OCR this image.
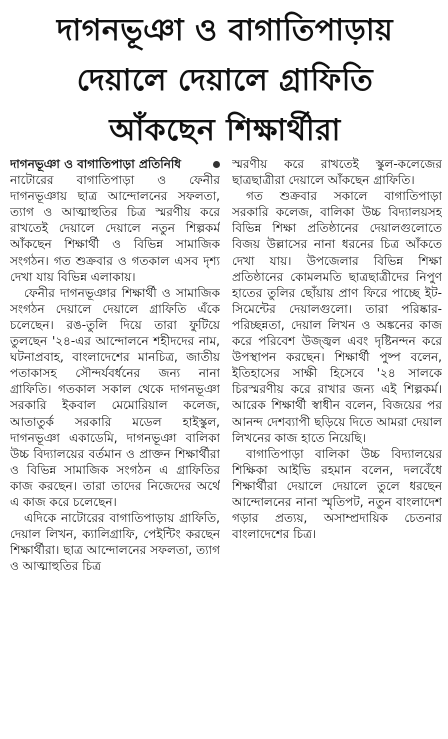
দাগনভূঞা ও বাগাতিপাড়ায়
দেয়ালে দেয়ালে গ্রাফিতি
আঁকছেন শিক্ষার্থীরা
দাগনভূঞা ও বাগাতিপাড়া প্রতিনিধি

নাটোরের বাগাতিপাড়া ও ফেনীর দাগনভূঞায় ছাত্র আন্দোলনের সফলতা, ত্যাগ ও আত্মাহুতির চিত্র স্মরণীয় করে রাখতেই দেয়ালে দেয়ালে নতুন শিল্পকর্ম আঁকছেন শিক্ষার্থী ও বিভিন্ন সামাজিক সংগঠন। গত শুক্রবার ও গতকাল এসব দৃশ্য দেখা যায় বিভিন্ন এলাকায়।

ফেনীর দাগনভূঞার শিক্ষার্থী ও সামাজিক সংগঠন দেয়ালে দেয়ালে গ্রাফিতি এঁকে চলেছেন। রঙ-তুলি দিয়ে তারা ফুটিয়ে তুলছেন '২৪-এর আন্দোলনে শহীদদের নাম, ঘটনাপ্রবাহ, বাংলাদেশের মানচিত্র, জাতীয় পতাকাসহ সৌন্দর্যবর্ধনের জন্য নানা গ্রাফিতি। গতকাল সকাল থেকে দাগনভূঞা সরকারি ইকবাল মেমোরিয়াল কলেজ, আতাতুর্ক সরকারি মডেল হাইস্কুল, দাগনভূঞা একাডেমি, দাগনভূঞা বালিকা উচ্চ বিদ্যালয়ের বর্তমান ও প্রাক্তন শিক্ষার্থীরা ও বিভিন্ন সামাজিক সংগঠন এ গ্রাফিতির কাজ করছেন। তারা তাদের নিজেদের অর্থে এ কাজ করে চলেছেন।

এদিকে নাটোরের বাগাতিপাড়ায় গ্রাফিতি, দেয়াল লিখন, ক্যালিগ্রাফি, পেইন্টিং করছেন শিক্ষার্থীরা। ছাত্র আন্দোলনের সফলতা, ত্যাগ ও আত্মাহুতির চিত্র

স্মরণীয় করে রাখতেই স্কুল-কলেজের ছাত্রছাত্রীরা দেয়ালে আঁকছেন গ্রাফিতি।

গত শুক্রবার সকালে বাগাতিপাড়া সরকারি কলেজ, বালিকা উচ্চ বিদ্যালয়সহ বিভিন্ন শিক্ষা প্রতিষ্ঠানের দেয়ালগুলোতে বিজয় উল্লাসের নানা ধরনের চিত্র আঁকতে দেখা যায়। উপজেলার বিভিন্ন শিক্ষা প্রতিষ্ঠানের কোমলমতি ছাত্রছাত্রীদের নিপুণ হাতের তুলির ছোঁয়ায় প্রাণ ফিরে পাচ্ছে ইট-সিমেন্টের দেয়ালগুলো। তারা পরিষ্কার-পরিচ্ছন্নতা, দেয়াল লিখন ও অঙ্কনের কাজ করে পরিবেশ উজ্জ্বল এবং দৃষ্টিনন্দন করে উপস্থাপন করছেন। শিক্ষার্থী পুষ্প বলেন, ইতিহাসের সাক্ষী হিসেবে '২৪ সালকে চিরস্মরণীয় করে রাখার জন্য এই শিল্পকর্ম। আরেক শিক্ষার্থী স্বাধীন বলেন, বিজয়ের পর আনন্দ দেশব্যাপী ছড়িয়ে দিতে আমরা দেয়াল লিখনের কাজ হাতে নিয়েছি।

বাগাতিপাড়া বালিকা উচ্চ বিদ্যালয়ের শিক্ষিকা আইভি রহমান বলেন, দলবেঁধে শিক্ষার্থীরা দেয়ালে দেয়ালে তুলে ধরছেন আন্দোলনের নানা স্মৃতিপট, নতুন বাংলাদেশ গড়ার প্রত্যয়, অসাম্প্রদায়িক চেতনার বাংলাদেশের চিত্র।
